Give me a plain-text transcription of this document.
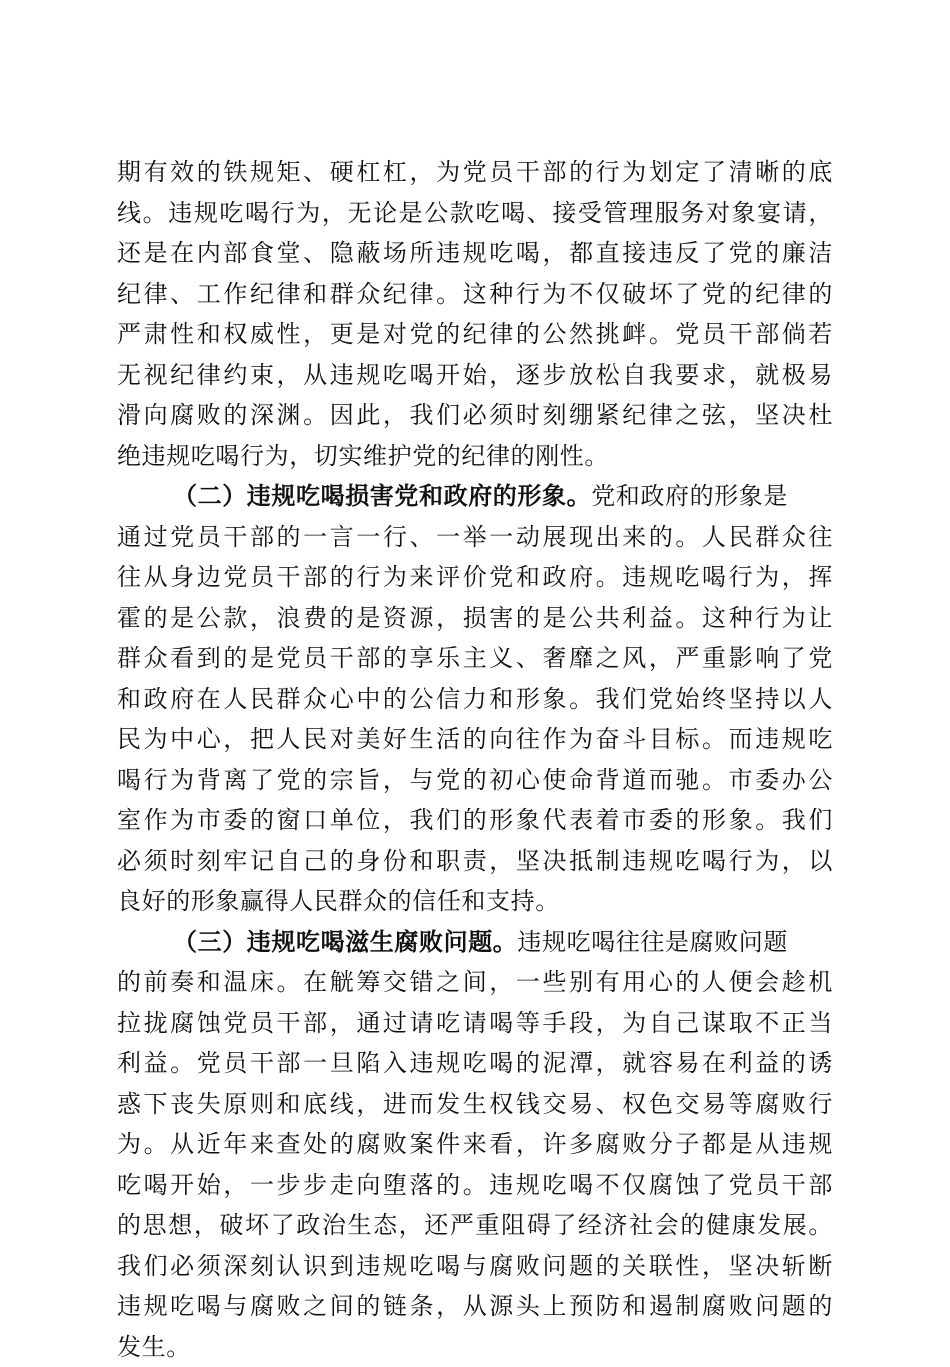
期有效的铁规矩、硬杠杠，为党员干部的行为划定了清晰的底
线。违规吃喝行为，无论是公款吃喝、接受管理服务对象宴请，
还是在内部食堂、隐蔽场所违规吃喝，都直接违反了党的廉洁
纪律、工作纪律和群众纪律。这种行为不仅破坏了党的纪律的
严肃性和权威性，更是对党的纪律的公然挑衅。党员干部倘若
无视纪律约束，从违规吃喝开始，逐步放松自我要求，就极易
滑向腐败的深渊。因此，我们必须时刻绷紧纪律之弦，坚决杜
绝违规吃喝行为，切实维护党的纪律的刚性。
（二）违规吃喝损害党和政府的形象。党和政府的形象是
通过党员干部的一言一行、一举一动展现出来的。人民群众往
往从身边党员干部的行为来评价党和政府。违规吃喝行为，挥
霍的是公款，浪费的是资源，损害的是公共利益。这种行为让
群众看到的是党员干部的享乐主义、奢靡之风，严重影响了党
和政府在人民群众心中的公信力和形象。我们党始终坚持以人
民为中心，把人民对美好生活的向往作为奋斗目标。而违规吃
喝行为背离了党的宗旨，与党的初心使命背道而驰。市委办公
室作为市委的窗口单位，我们的形象代表着市委的形象。我们
必须时刻牢记自己的身份和职责，坚决抵制违规吃喝行为，以
良好的形象赢得人民群众的信任和支持。
（三）违规吃喝滋生腐败问题。违规吃喝往往是腐败问题
的前奏和温床。在觥筹交错之间，一些别有用心的人便会趁机
拉拢腐蚀党员干部，通过请吃请喝等手段，为自己谋取不正当
利益。党员干部一旦陷入违规吃喝的泥潭，就容易在利益的诱
惑下丧失原则和底线，进而发生权钱交易、权色交易等腐败行
为。从近年来查处的腐败案件来看，许多腐败分子都是从违规
吃喝开始，一步步走向堕落的。违规吃喝不仅腐蚀了党员干部
的思想，破坏了政治生态，还严重阻碍了经济社会的健康发展。
我们必须深刻认识到违规吃喝与腐败问题的关联性，坚决斩断
违规吃喝与腐败之间的链条，从源头上预防和遏制腐败问题的
发生。
